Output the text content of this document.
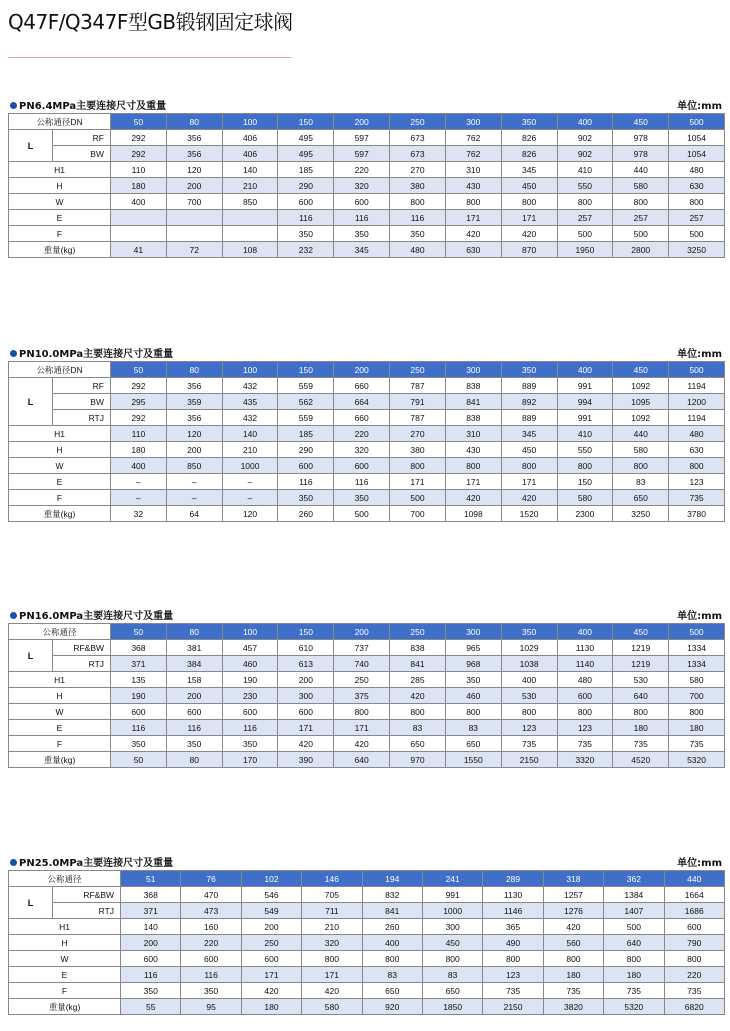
Q47F/Q347F型GB锻钢固定球阀
PN6.4MPa主要连接尺寸及重量	单位:mm
公称通径DN		50	80	100	150	200	250	300	350	400	450	500
L	RF	292	356	406	495	597	673	762	826	902	978	1054
	BW	292	356	406	495	597	673	762	826	902	978	1054
H1		110	120	140	185	220	270	310	345	410	440	480
H		180	200	210	290	320	380	430	450	550	580	630
W		400	700	850	600	600	800	800	800	800	800	800
E					116	116	116	171	171	257	257	257
F					350	350	350	420	420	500	500	500
重量(kg)		41	72	108	232	345	480	630	870	1950	2800	3250
PN10.0MPa主要连接尺寸及重量	单位:mm
公称通径DN		50	80	100	150	200	250	300	350	400	450	500
L	RF	292	356	432	559	660	787	838	889	991	1092	1194
	BW	295	359	435	562	664	791	841	892	994	1095	1200
	RTJ	292	356	432	559	660	787	838	889	991	1092	1194
H1		110	120	140	185	220	270	310	345	410	440	480
H		180	200	210	290	320	380	430	450	550	580	630
W		400	850	1000	600	600	800	800	800	800	800	800
E		–	–	–	116	116	171	171	171	150	83	123
F		–	–	–	350	350	500	420	420	580	650	735
重量(kg)		32	64	120	260	500	700	1098	1520	2300	3250	3780
PN16.0MPa主要连接尺寸及重量	单位:mm
公称通径		50	80	100	150	200	250	300	350	400	450	500
L	RF&BW	368	381	457	610	737	838	965	1029	1130	1219	1334
	RTJ	371	384	460	613	740	841	968	1038	1140	1219	1334
H1		135	158	190	200	250	285	350	400	480	530	580
H		190	200	230	300	375	420	460	530	600	640	700
W		600	600	600	600	800	800	800	800	800	800	800
E		116	116	116	171	171	83	83	123	123	180	180
F		350	350	350	420	420	650	650	735	735	735	735
重量(kg)		50	80	170	390	640	970	1550	2150	3320	4520	5320
PN25.0MPa主要连接尺寸及重量	单位:mm
公称通径		51	76	102	146	194	241	289	318	362	440
L	RF&BW	368	470	546	705	832	991	1130	1257	1384	1664
	RTJ	371	473	549	711	841	1000	1146	1276	1407	1686
H1		140	160	200	210	260	300	365	420	500	600
H		200	220	250	320	400	450	490	560	640	790
W		600	600	600	800	800	800	800	800	800	800
E		116	116	171	171	83	83	123	180	180	220
F		350	350	420	420	650	650	735	735	735	735
重量(kg)		55	95	180	580	920	1850	2150	3820	5320	6820
